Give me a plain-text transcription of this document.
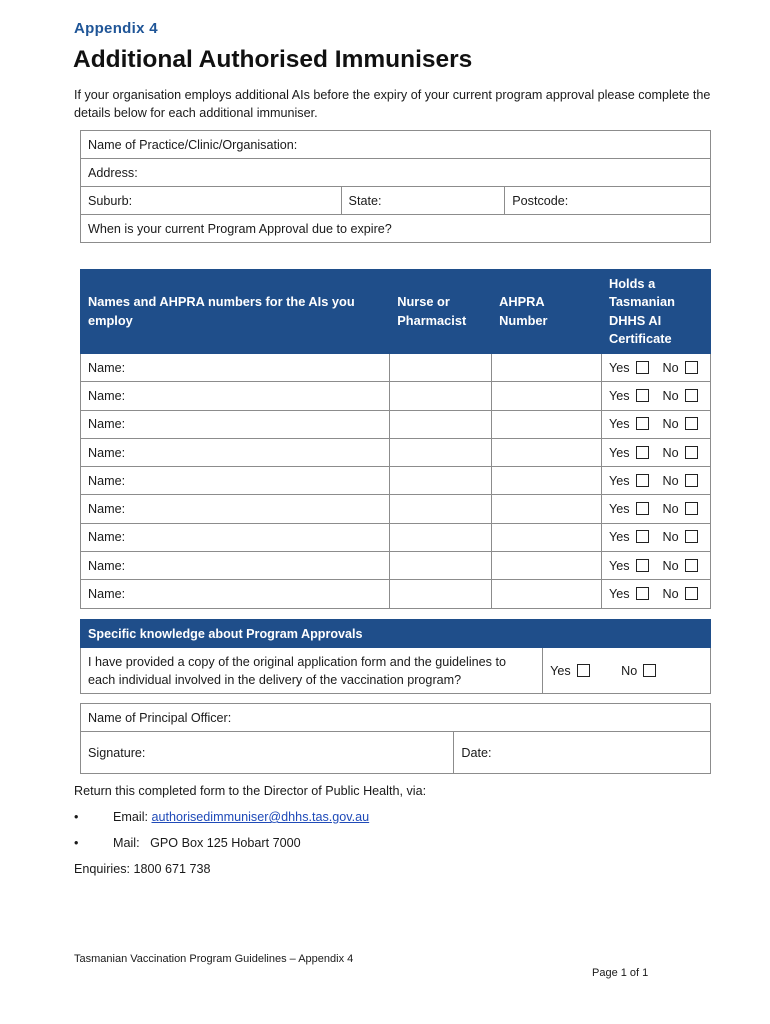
Appendix 4
Additional Authorised Immunisers
If your organisation employs additional AIs before the expiry of your current program approval please complete the details below for each additional immuniser.
Name of Practice/Clinic/Organisation:
Address:
Suburb:	State:	Postcode:
When is your current Program Approval due to expire?
Names and AHPRA numbers for the AIs you employ	Nurse or Pharmacist	AHPRA Number	Holds a Tasmanian DHHS AI Certificate
Name:			Yes No
Name:			Yes No
Name:			Yes No
Name:			Yes No
Name:			Yes No
Name:			Yes No
Name:			Yes No
Name:			Yes No
Name:			Yes No
Specific knowledge about Program Approvals
I have provided a copy of the original application form and the guidelines to each individual involved in the delivery of the vaccination program?	Yes	No
Name of Principal Officer:
Signature:	Date:
Return this completed form to the Director of Public Health, via:
•	Email: authorisedimmuniser@dhhs.tas.gov.au
•	Mail: GPO Box 125 Hobart 7000
Enquiries: 1800 671 738
Tasmanian Vaccination Program Guidelines – Appendix 4
Page 1 of 1
